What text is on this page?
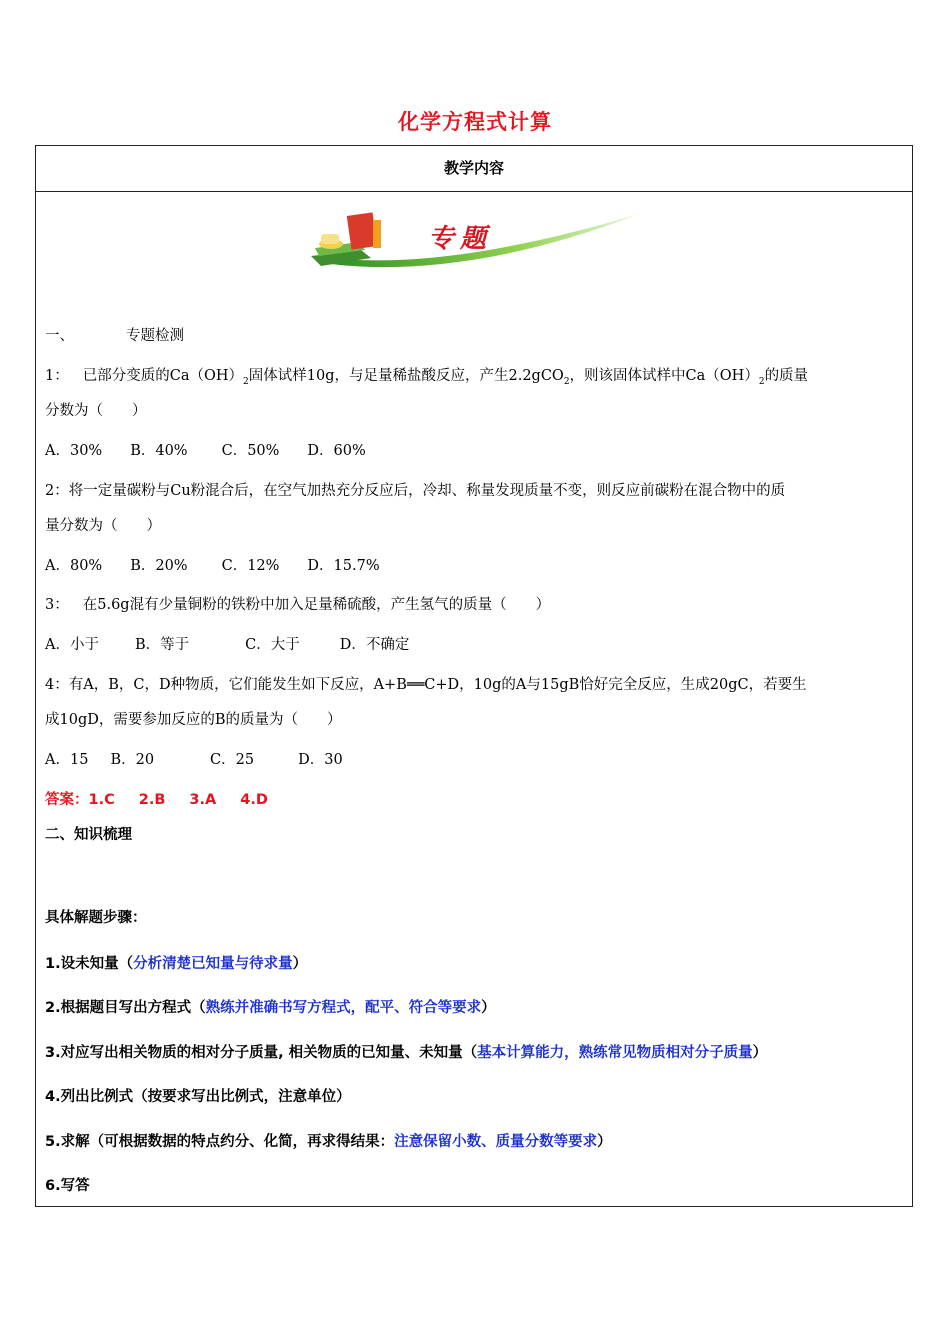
化学方程式计算
教学内容
专题
一、	专题检测
1： 已部分变质的$Ca(OH)_2$固体试样10g，与足量稀盐酸反应，产生2.2gCO$_2$，则该固体试样中$Ca(OH)_2$的质量
分数为（　　）
A．30% B．40% C．50% D．60%
2：将一定量碳粉与Cu粉混合后，在空气加热充分反应后，冷却、称量发现质量不变，则反应前碳粉在混合物中的质
量分数为（　　）
A．80% B．20% C．12% D．15.7%
3： 在5.6g混有少量铜粉的铁粉中加入足量稀硫酸，产生氢气的质量（　　）
A．小于 B．等于	C．大于	D．不确定
4：有A，B，C，D种物质，它们能发生如下反应，A+B══C+D，10g的A与15gB恰好完全反应，生成20gC，若要生
成10gD，需要参加反应的B的质量为（　　）
A．15 B．20	C．25	D．30
答案：1.C 2.B 3.A 4.D
二、知识梳理
具体解题步骤：
1.设未知量（分析清楚已知量与待求量）
2.根据题目写出方程式（熟练并准确书写方程式，配平、符合等要求）
3.对应写出相关物质的相对分子质量, 相关物质的已知量、未知量（基本计算能力，熟练常见物质相对分子质量）
4.列出比例式（按要求写出比例式，注意单位）
5.求解（可根据数据的特点约分、化简，再求得结果：注意保留小数、质量分数等要求）
6.写答
